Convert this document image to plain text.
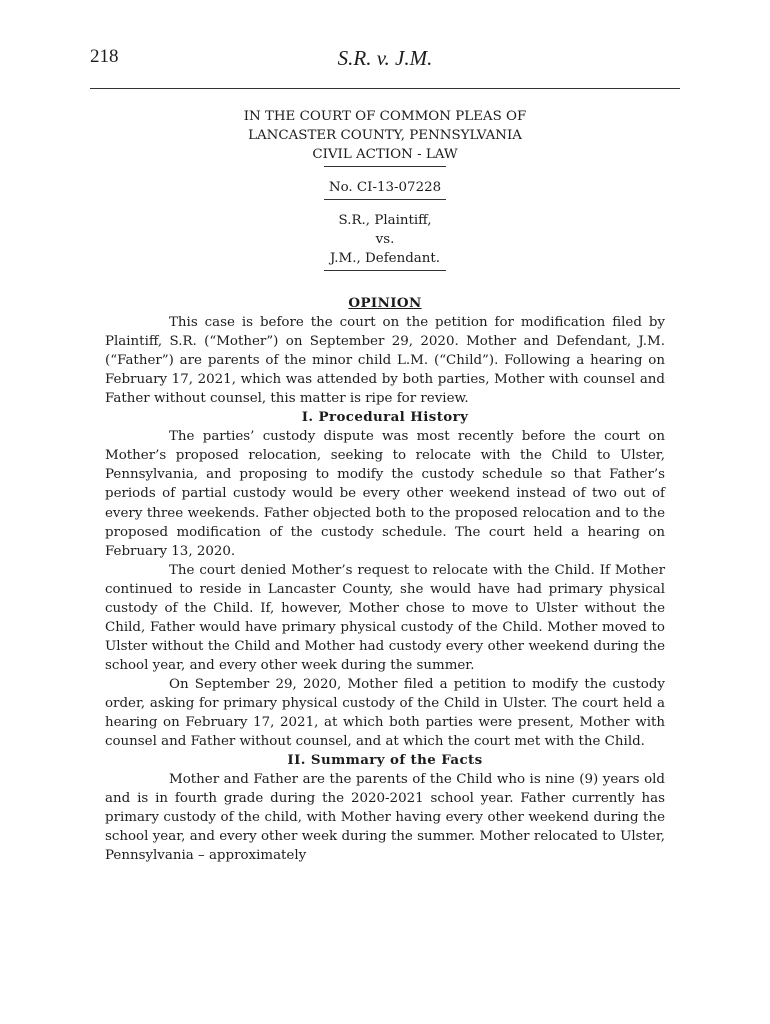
218	S.R. v. J.M.

IN THE COURT OF COMMON PLEAS OF

LANCASTER COUNTY, PENNSYLVANIA

CIVIL ACTION - LAW

No. CI-13-07228

S.R., Plaintiff,

vs.

J.M., Defendant.

OPINION

This case is before the court on the petition for modification filed by Plaintiff, S.R. (“Mother”) on September 29, 2020. Mother and Defendant, J.M. (“Father”) are parents of the minor child L.M. (“Child”). Following a hearing on February 17, 2021, which was attended by both parties, Mother with counsel and Father without counsel, this matter is ripe for review.

I. Procedural History

The parties’ custody dispute was most recently before the court on Mother’s proposed relocation, seeking to relocate with the Child to Ulster, Pennsylvania, and proposing to modify the custody schedule so that Father’s periods of partial custody would be every other weekend instead of two out of every three weekends. Father objected both to the proposed relocation and to the proposed modification of the custody schedule. The court held a hearing on February 13, 2020.

The court denied Mother’s request to relocate with the Child. If Mother continued to reside in Lancaster County, she would have had primary physical custody of the Child. If, however, Mother chose to move to Ulster without the Child, Father would have primary physical custody of the Child. Mother moved to Ulster without the Child and Mother had custody every other weekend during the school year, and every other week during the summer.

On September 29, 2020, Mother filed a petition to modify the custody order, asking for primary physical custody of the Child in Ulster. The court held a hearing on February 17, 2021, at which both parties were present, Mother with counsel and Father without counsel, and at which the court met with the Child.

II. Summary of the Facts

Mother and Father are the parents of the Child who is nine (9) years old and is in fourth grade during the 2020-2021 school year. Father currently has primary custody of the child, with Mother having every other weekend during the school year, and every other week during the summer. Mother relocated to Ulster, Pennsylvania – approximately
